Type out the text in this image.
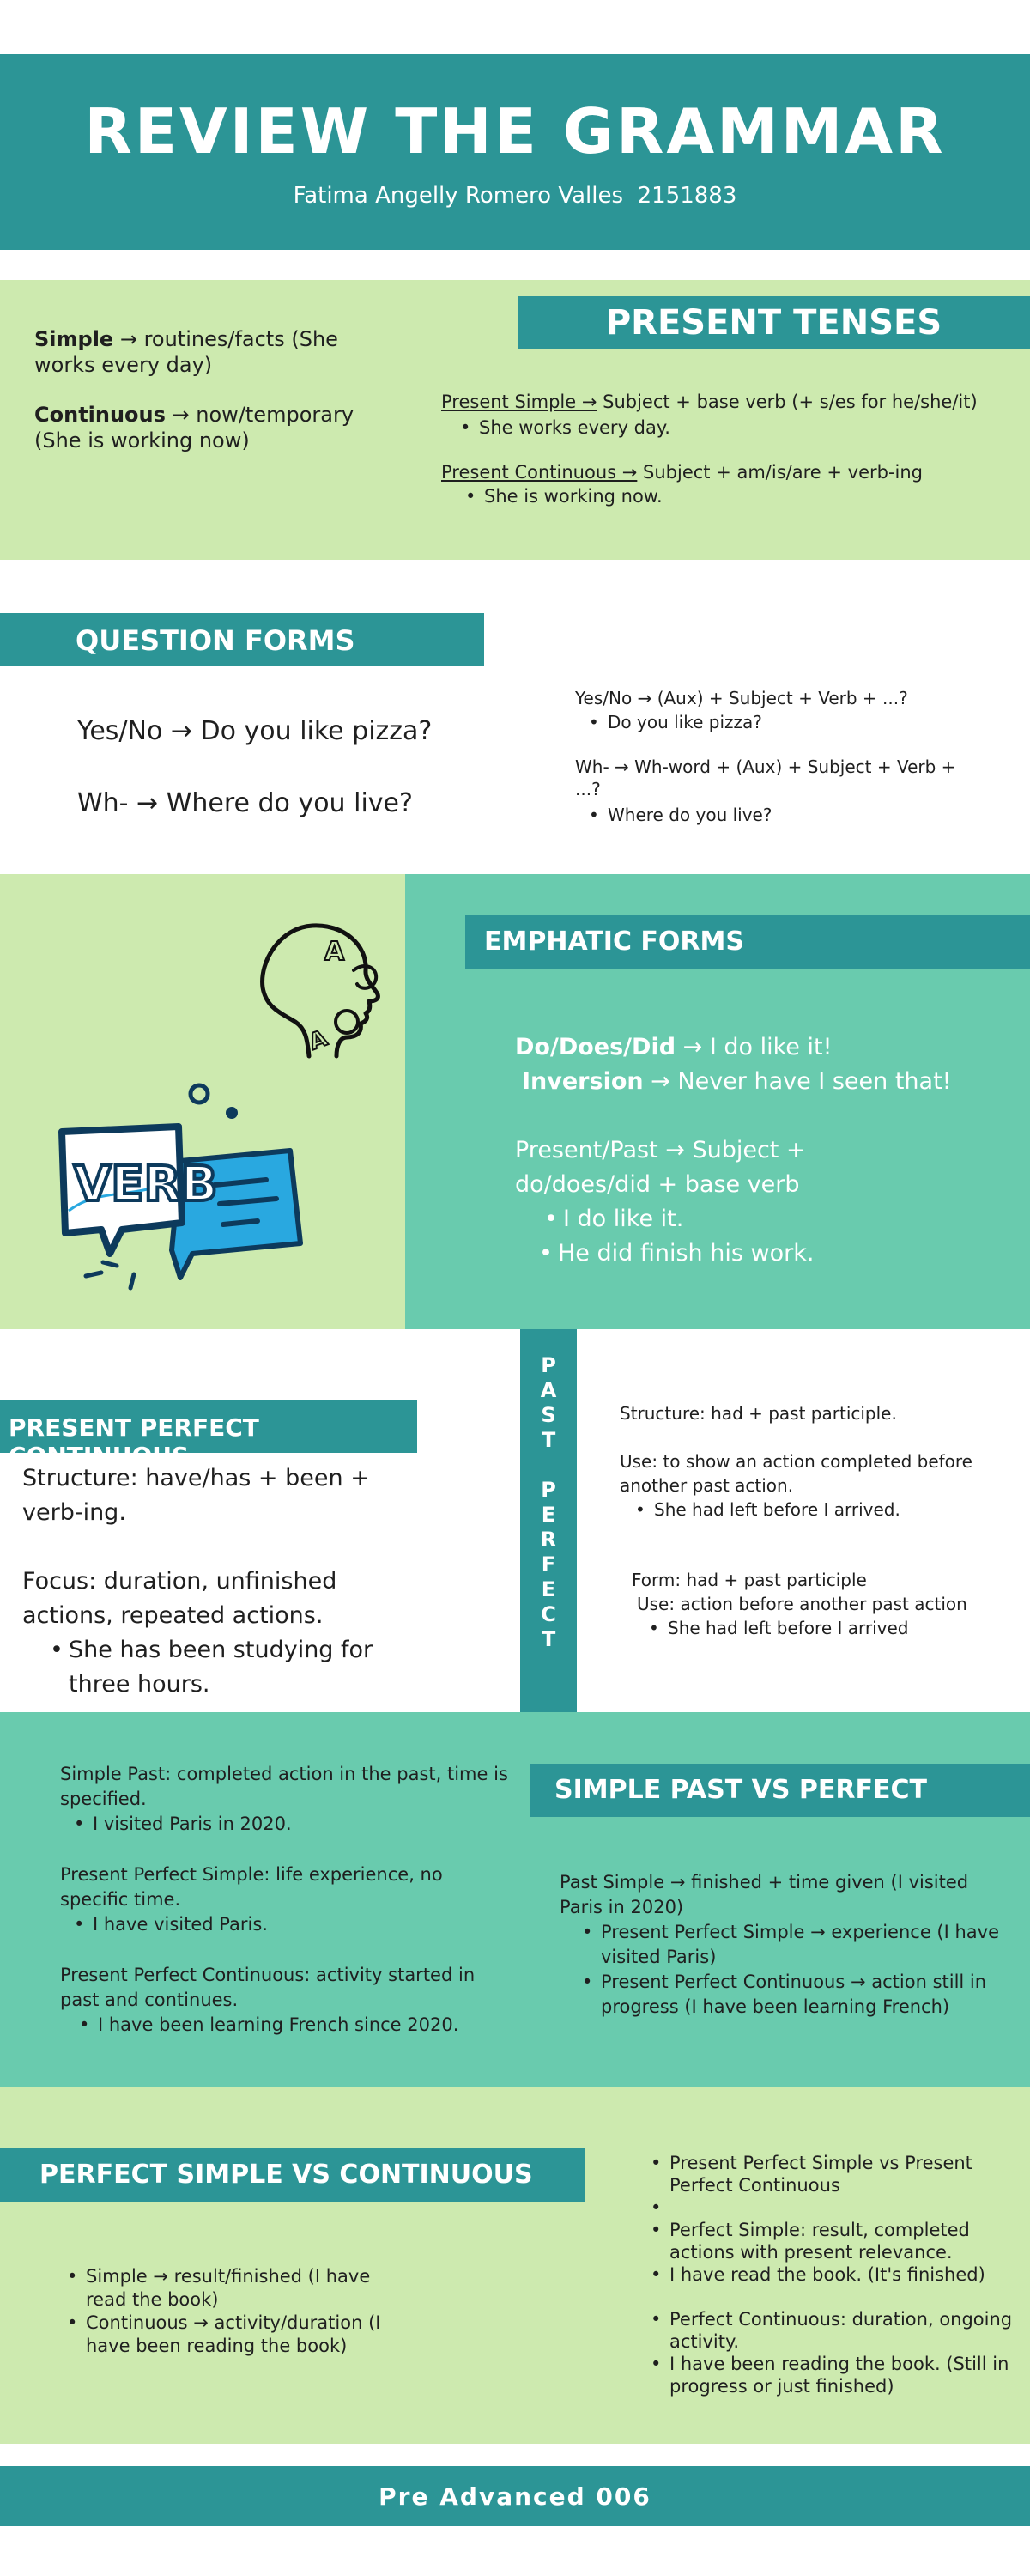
REVIEW THE GRAMMAR
Fatima Angelly Romero Valles  2151883
PRESENT TENSES

Simple → routines/facts (She works every day)

Continuous → now/temporary (She is working now)

Present Simple → Subject + base verb (+ s/es for he/she/it)

• She works every day.

Present Continuous → Subject + am/is/are + verb-ing

• She is working now.
QUESTION FORMS

Yes/No → Do you like pizza?

Wh- → Where do you live?

Yes/No → (Aux) + Subject + Verb + ...?

• Do you like pizza?

Wh- → Wh-word + (Aux) + Subject + Verb + ...?

• Where do you live?
A
A
VERB
EMPHATIC FORMS

Do/Does/Did → I do like it!

Inversion → Never have I seen that!

Present/Past → Subject + do/does/did + base verb

• I do like it.
• He did finish his work.
PRESENT PERFECT CONTINUOUS

Structure: have/has + been + verb-ing.

Focus: duration, unfinished actions, repeated actions.

• She has been studying for three hours.
P
A
S
T
P
E
R
F
E
C
T

Structure: had + past participle.

Use: to show an action completed before another past action.

• She had left before I arrived.

Form: had + past participle

Use: action before another past action

• She had left before I arrived
SIMPLE PAST VS PERFECT

Simple Past: completed action in the past, time is specified.

• I visited Paris in 2020.

Present Perfect Simple: life experience, no specific time.

• I have visited Paris.

Present Perfect Continuous: activity started in past and continues.

• I have been learning French since 2020.

Past Simple → finished + time given (I visited Paris in 2020)

• Present Perfect Simple → experience (I have visited Paris)
• Present Perfect Continuous → action still in progress (I have been learning French)
PERFECT SIMPLE VS CONTINUOUS
• Simple → result/finished (I have read the book)
• Continuous → activity/duration (I have been reading the book)
• Present Perfect Simple vs Present Perfect Continuous
•
• Perfect Simple: result, completed actions with present relevance.
• I have read the book. (It's finished)
• Perfect Continuous: duration, ongoing activity.
• I have been reading the book. (Still in progress or just finished)
Pre Advanced 006
